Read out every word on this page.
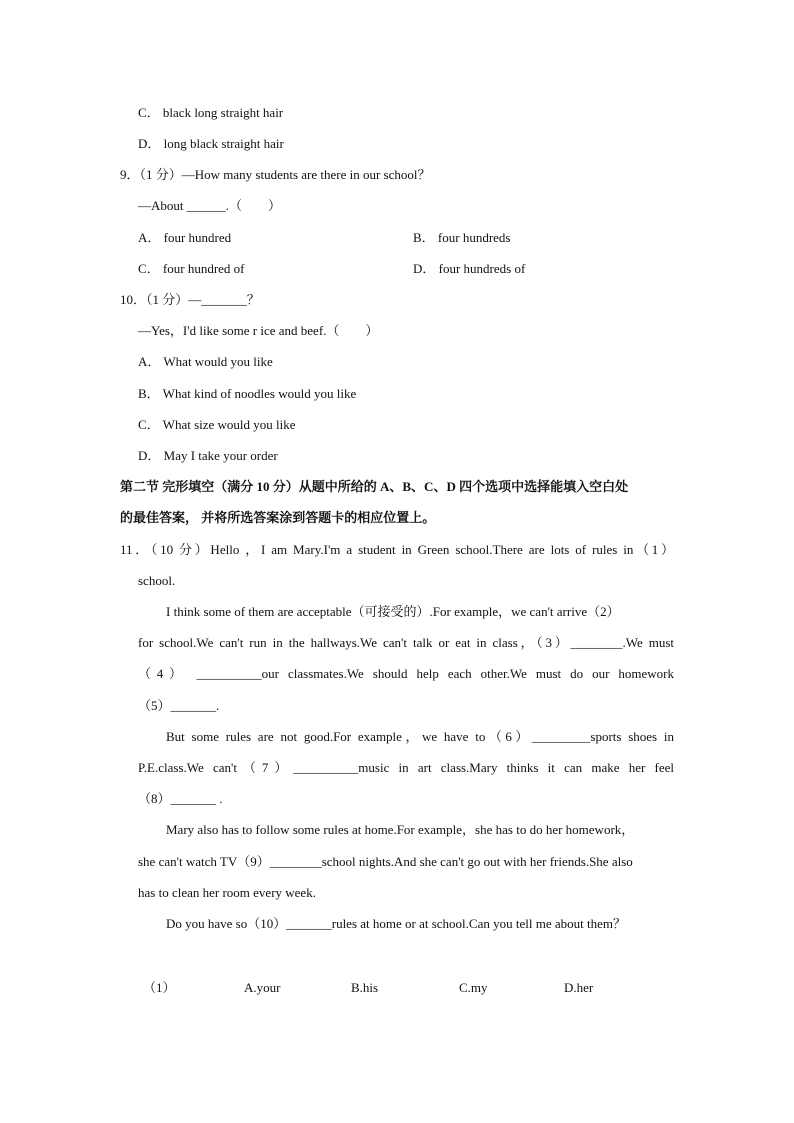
C． black long straight hair
D． long black straight hair
9．（1 分）—How many students are there in our school？
—About ______.（　　）
A． four hundred	B． four hundreds
C． four hundred of	D． four hundreds of
10．（1 分）—_______？
—Yes，I'd like some r ice and beef.（　　）
A． What would you like
B． What kind of noodles would you like
C． What size would you like
D． May I take your order
第二节 完形填空（满分 10 分）从题中所给的 A、B、C、D 四个选项中选择能填入空白处
的最佳答案， 并将所选答案涂到答题卡的相应位置上。
11．（10 分）Hello ，I am Mary.I'm a student in Green school.There are lots of rules in（1）
school.
I think some of them are acceptable（可接受的）.For example，we can't arrive（2）
for school.We can't run in the hallways.We can't talk or eat in class，（3）________.We must
（4） __________our classmates.We should help each other.We must do our homework
（5）_______.
But some rules are not good.For example，we have to（6）_________sports shoes in
P.E.class.We can't（7）__________music in art class.Mary thinks it can make her feel
（8）_______ .
Mary also has to follow some rules at home.For example，she has to do her homework，
she can't watch TV（9）________school nights.And she can't go out with her friends.She also
has to clean her room every week.
Do you have so（10）_______rules at home or at school.Can you tell me about them？
（1）	A.your	B.his	C.my	D.her
